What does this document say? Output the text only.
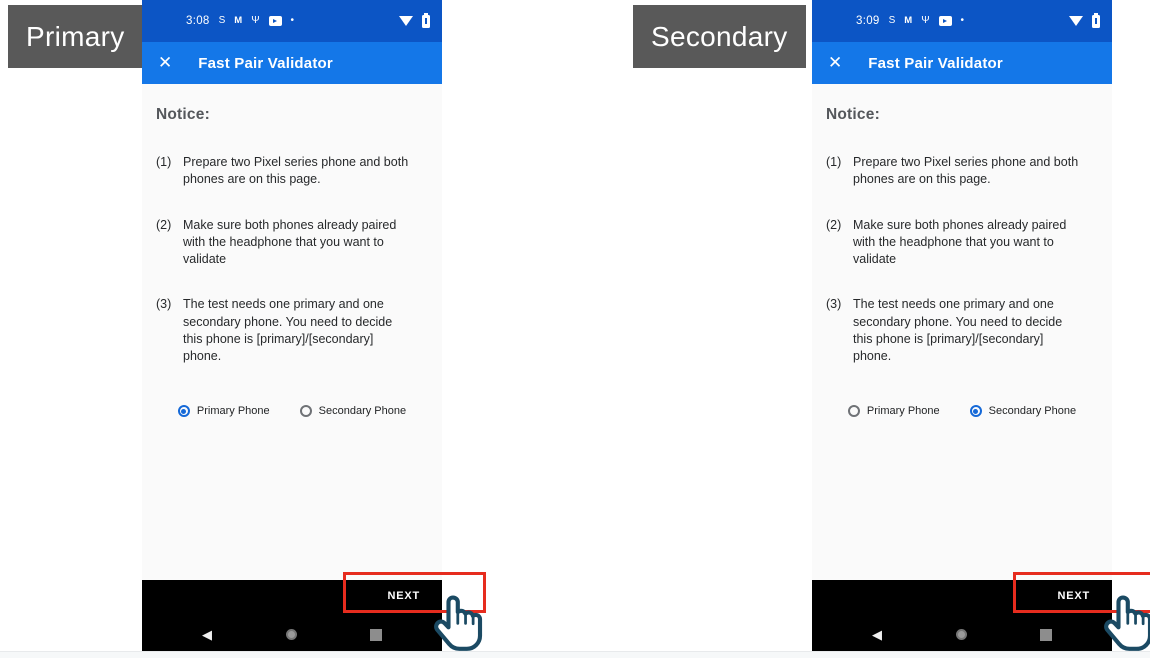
Primary	Secondary
3:08 Ѕ M Ψ	•
✕ Fast Pair Validator
Notice:
(1) Prepare two Pixel series phone and both phones are on this page.
(2) Make sure both phones already paired with the headphone that you want to validate
(3) The test needs one primary and one secondary phone. You need to decide this phone is [primary]/[secondary] phone.
Primary Phone	Secondary Phone
NEXT
◀
3:09 Ѕ M Ψ	•
✕ Fast Pair Validator
Notice:
(1) Prepare two Pixel series phone and both phones are on this page.
(2) Make sure both phones already paired with the headphone that you want to validate
(3) The test needs one primary and one secondary phone. You need to decide this phone is [primary]/[secondary] phone.
Primary Phone	Secondary Phone
NEXT
◀
